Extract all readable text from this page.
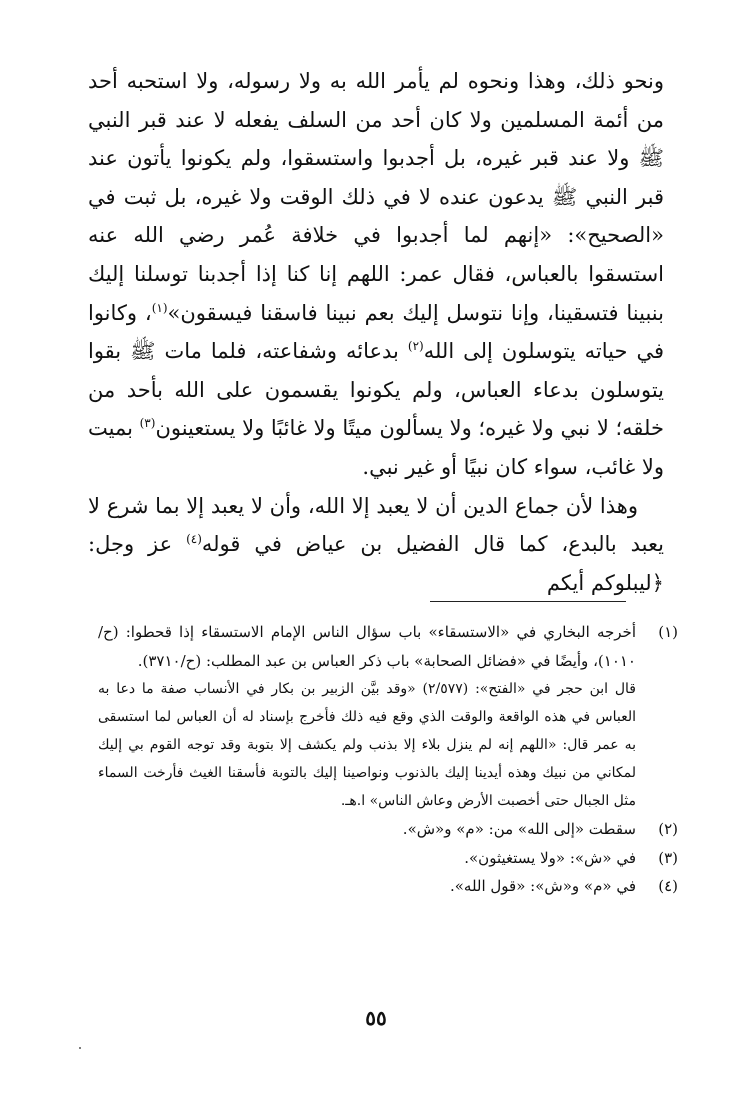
ونحو ذلك، وهذا ونحوه لم يأمر الله به ولا رسوله، ولا استحبه أحد من أئمة المسلمين ولا كان أحد من السلف يفعله لا عند قبر النبي ﷺ ولا عند قبر غيره، بل أجدبوا واستسقوا، ولم يكونوا يأتون عند قبر النبي ﷺ يدعون عنده لا في ذلك الوقت ولا غيره، بل ثبت في «الصحيح»: «إنهم لما أجدبوا في خلافة عُمر رضي الله عنه استسقوا بالعباس، فقال عمر: اللهم إنا كنا إذا أجدبنا توسلنا إليك بنبينا فتسقينا، وإنا نتوسل إليك بعم نبينا فاسقنا فيسقون»$^{(١)}$، وكانوا في حياته يتوسلون إلى الله$^{(٢)}$ بدعائه وشفاعته، فلما مات ﷺ بقوا يتوسلون بدعاء العباس، ولم يكونوا يقسمون على الله بأحد من خلقه؛ لا نبي ولا غيره؛ ولا يسألون ميتًا ولا غائبًا ولا يستعينون$^{(٣)}$ بميت ولا غائب، سواء كان نبيًا أو غير نبي.

وهذا لأن جماع الدين أن لا يعبد إلا الله، وأن لا يعبد إلا بما شرع لا يعبد بالبدع، كما قال الفضيل بن عياض في قوله$^{(٤)}$ عز وجل: ﴿ليبلوكم أيكم

(١)

أخرجه البخاري في «الاستسقاء» باب سؤال الناس الإمام الاستسقاء إذا قحطوا: (ح/١٠١٠)، وأيضًا في «فضائل الصحابة» باب ذكر العباس بن عبد المطلب: (ح/٣٧١٠).

قال ابن حجر في «الفتح»: (٢/٥٧٧) «وقد بيَّن الزبير بن بكار في الأنساب صفة ما دعا به العباس في هذه الواقعة والوقت الذي وقع فيه ذلك فأخرج بإسناد له أن العباس لما استسقى به عمر قال: «اللهم إنه لم ينزل بلاء إلا بذنب ولم يكشف إلا بتوبة وقد توجه القوم بي إليك لمكاني من نبيك وهذه أيدينا إليك بالذنوب ونواصينا إليك بالتوبة فأسقنا الغيث فأرخت السماء مثل الجبال حتى أخصبت الأرض وعاش الناس» ا.هـ.

(٢)

سقطت «إلى الله» من: «م» و«ش».

(٣)

في «ش»: «ولا يستغيثون».

(٤)

في «م» و«ش»: «قول الله».

٥٥
